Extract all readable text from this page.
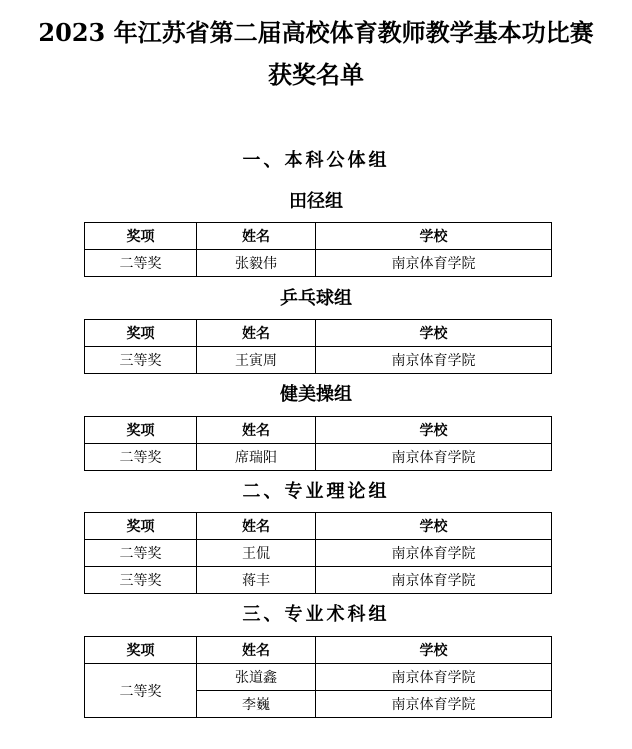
2023 年江苏省第二届高校体育教师教学基本功比赛
获奖名单
一、本科公体组
田径组
奖项	姓名	学校
二等奖	张毅伟	南京体育学院
乒乓球组
奖项	姓名	学校
三等奖	王寅周	南京体育学院
健美操组
奖项	姓名	学校
二等奖	席瑞阳	南京体育学院
二、专业理论组
奖项	姓名	学校
二等奖	王侃	南京体育学院
三等奖	蒋丰	南京体育学院
三、专业术科组
奖项	姓名	学校
二等奖	张道鑫	南京体育学院
	李巍	南京体育学院
